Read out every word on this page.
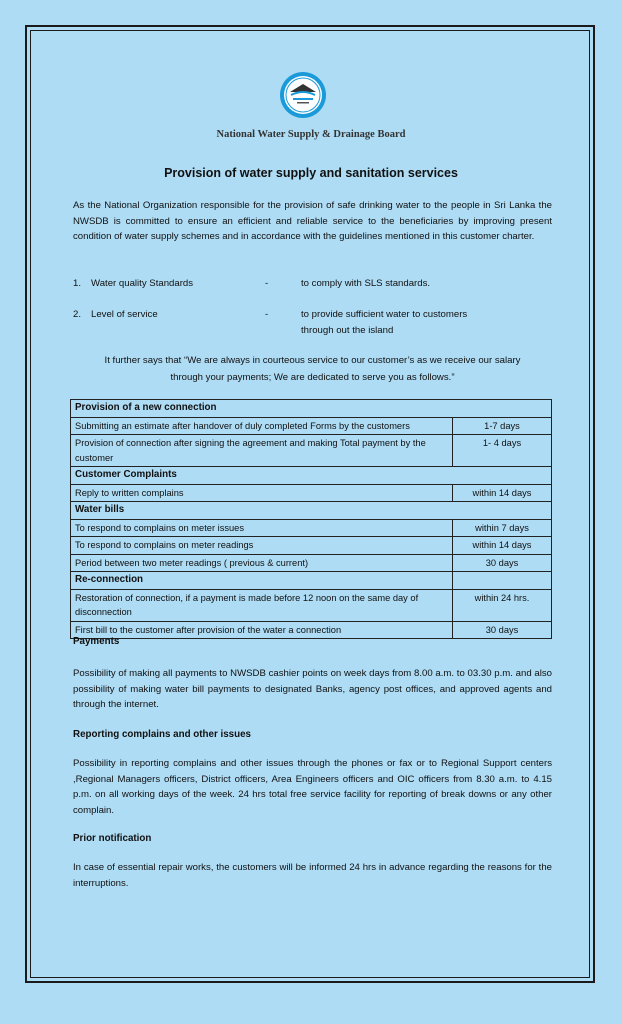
National Water Supply & Drainage Board
Provision of water supply and sanitation services
As the National Organization responsible for the provision of safe drinking water to the people in Sri Lanka the NWSDB is committed to ensure an efficient and reliable service to the beneficiaries by improving present condition of water supply schemes and in accordance with the guidelines mentioned in this customer charter.
1. Water quality Standards	-	to comply with SLS standards.
2. Level of service	-	to provide sufficient water to customers
through out the island
It further says that “We are always in courteous service to our customer’s as we receive our salary
through your payments; We are dedicated to serve you as follows.”
Provision of a new connection	
Submitting an estimate after handover of duly completed Forms by the customers	1-7 days
Provision of connection after signing the agreement and making Total payment by the customer	1- 4 days
Customer Complaints	
Reply to written complains	within 14 days
Water bills	
To respond to complains on meter issues	within 7 days
To respond to complains on meter readings	within 14 days
Period between two meter readings ( previous & current)	30 days
Re-connection	
Restoration of connection, if a payment is made before 12 noon on the same day of disconnection	within 24 hrs.
First bill to the customer after provision of the water a connection	30 days
Payments
Possibility of making all payments to NWSDB cashier points on week days from 8.00 a.m. to 03.30 p.m. and also possibility of making water bill payments to designated Banks, agency post offices, and approved agents and through the internet.
Reporting complains and other issues
Possibility in reporting complains and other issues through the phones or fax or to Regional Support centers ,Regional Managers officers, District officers, Area Engineers officers and OIC officers from 8.30 a.m. to 4.15 p.m. on all working days of the week. 24 hrs total free service facility for reporting of break downs or any other complain.
Prior notification
In case of essential repair works, the customers will be informed 24 hrs in advance regarding the reasons for the interruptions.
